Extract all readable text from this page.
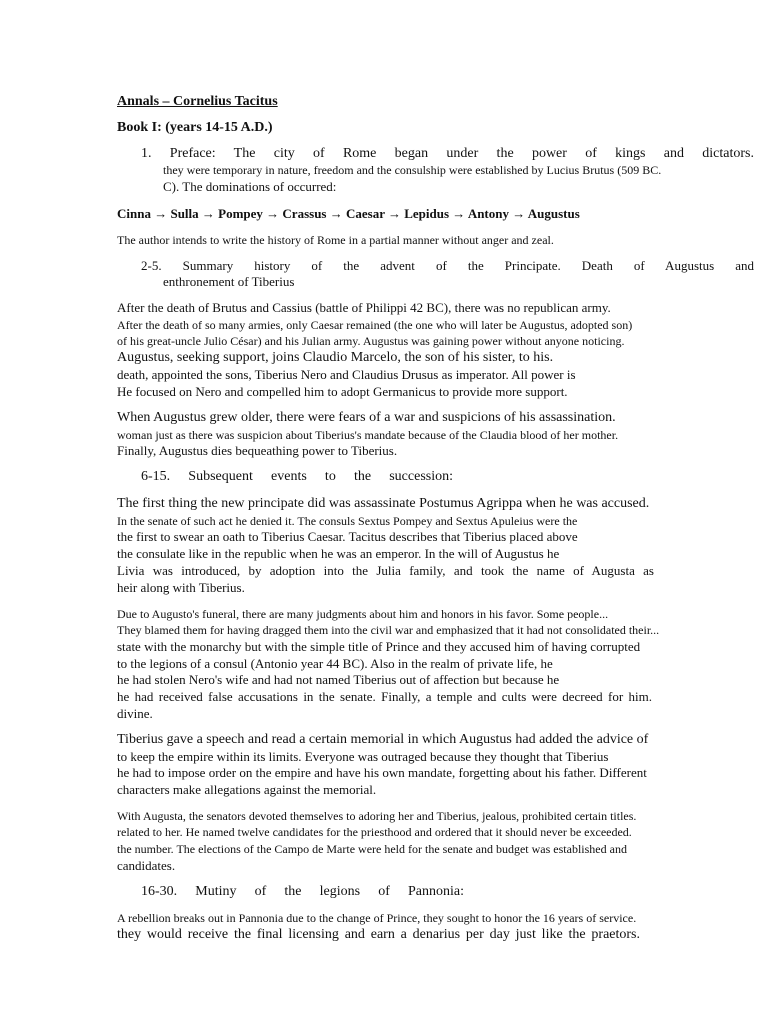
Annals – Cornelius Tacitus
Book I: (years 14-15 A.D.)
1. Preface: The city of Rome began under the power of kings and dictators.
they were temporary in nature, freedom and the consulship were established by Lucius Brutus (509 BC.
C). The dominations of occurred:
Cinna → Sulla → Pompey → Crassus → Caesar → Lepidus → Antony → Augustus
The author intends to write the history of Rome in a partial manner without anger and zeal.
2-5. Summary history of the advent of the Principate. Death of Augustus and
enthronement of Tiberius
After the death of Brutus and Cassius (battle of Philippi 42 BC), there was no republican army.
After the death of so many armies, only Caesar remained (the one who will later be Augustus, adopted son)
of his great-uncle Julio César) and his Julian army. Augustus was gaining power without anyone noticing.
Augustus, seeking support, joins Claudio Marcelo, the son of his sister, to his.
death, appointed the sons, Tiberius Nero and Claudius Drusus as imperator. All power is
He focused on Nero and compelled him to adopt Germanicus to provide more support.
When Augustus grew older, there were fears of a war and suspicions of his assassination.
woman just as there was suspicion about Tiberius's mandate because of the Claudia blood of her mother.
Finally, Augustus dies bequeathing power to Tiberius.
6-15. Subsequent events to the succession:
The first thing the new principate did was assassinate Postumus Agrippa when he was accused.
In the senate of such act he denied it. The consuls Sextus Pompey and Sextus Apuleius were the
the first to swear an oath to Tiberius Caesar. Tacitus describes that Tiberius placed above
the consulate like in the republic when he was an emperor. In the will of Augustus he
Livia was introduced, by adoption into the Julia family, and took the name of Augusta as
heir along with Tiberius.
Due to Augusto's funeral, there are many judgments about him and honors in his favor. Some people...
They blamed them for having dragged them into the civil war and emphasized that it had not consolidated their...
state with the monarchy but with the simple title of Prince and they accused him of having corrupted
to the legions of a consul (Antonio year 44 BC). Also in the realm of private life, he
he had stolen Nero's wife and had not named Tiberius out of affection but because he
he had received false accusations in the senate. Finally, a temple and cults were decreed for him.
divine.
Tiberius gave a speech and read a certain memorial in which Augustus had added the advice of
to keep the empire within its limits. Everyone was outraged because they thought that Tiberius
he had to impose order on the empire and have his own mandate, forgetting about his father. Different
characters make allegations against the memorial.
With Augusta, the senators devoted themselves to adoring her and Tiberius, jealous, prohibited certain titles.
related to her. He named twelve candidates for the priesthood and ordered that it should never be exceeded.
the number. The elections of the Campo de Marte were held for the senate and budget was established and
candidates.
16-30. Mutiny of the legions of Pannonia:
A rebellion breaks out in Pannonia due to the change of Prince, they sought to honor the 16 years of service.
they would receive the final licensing and earn a denarius per day just like the praetors.
